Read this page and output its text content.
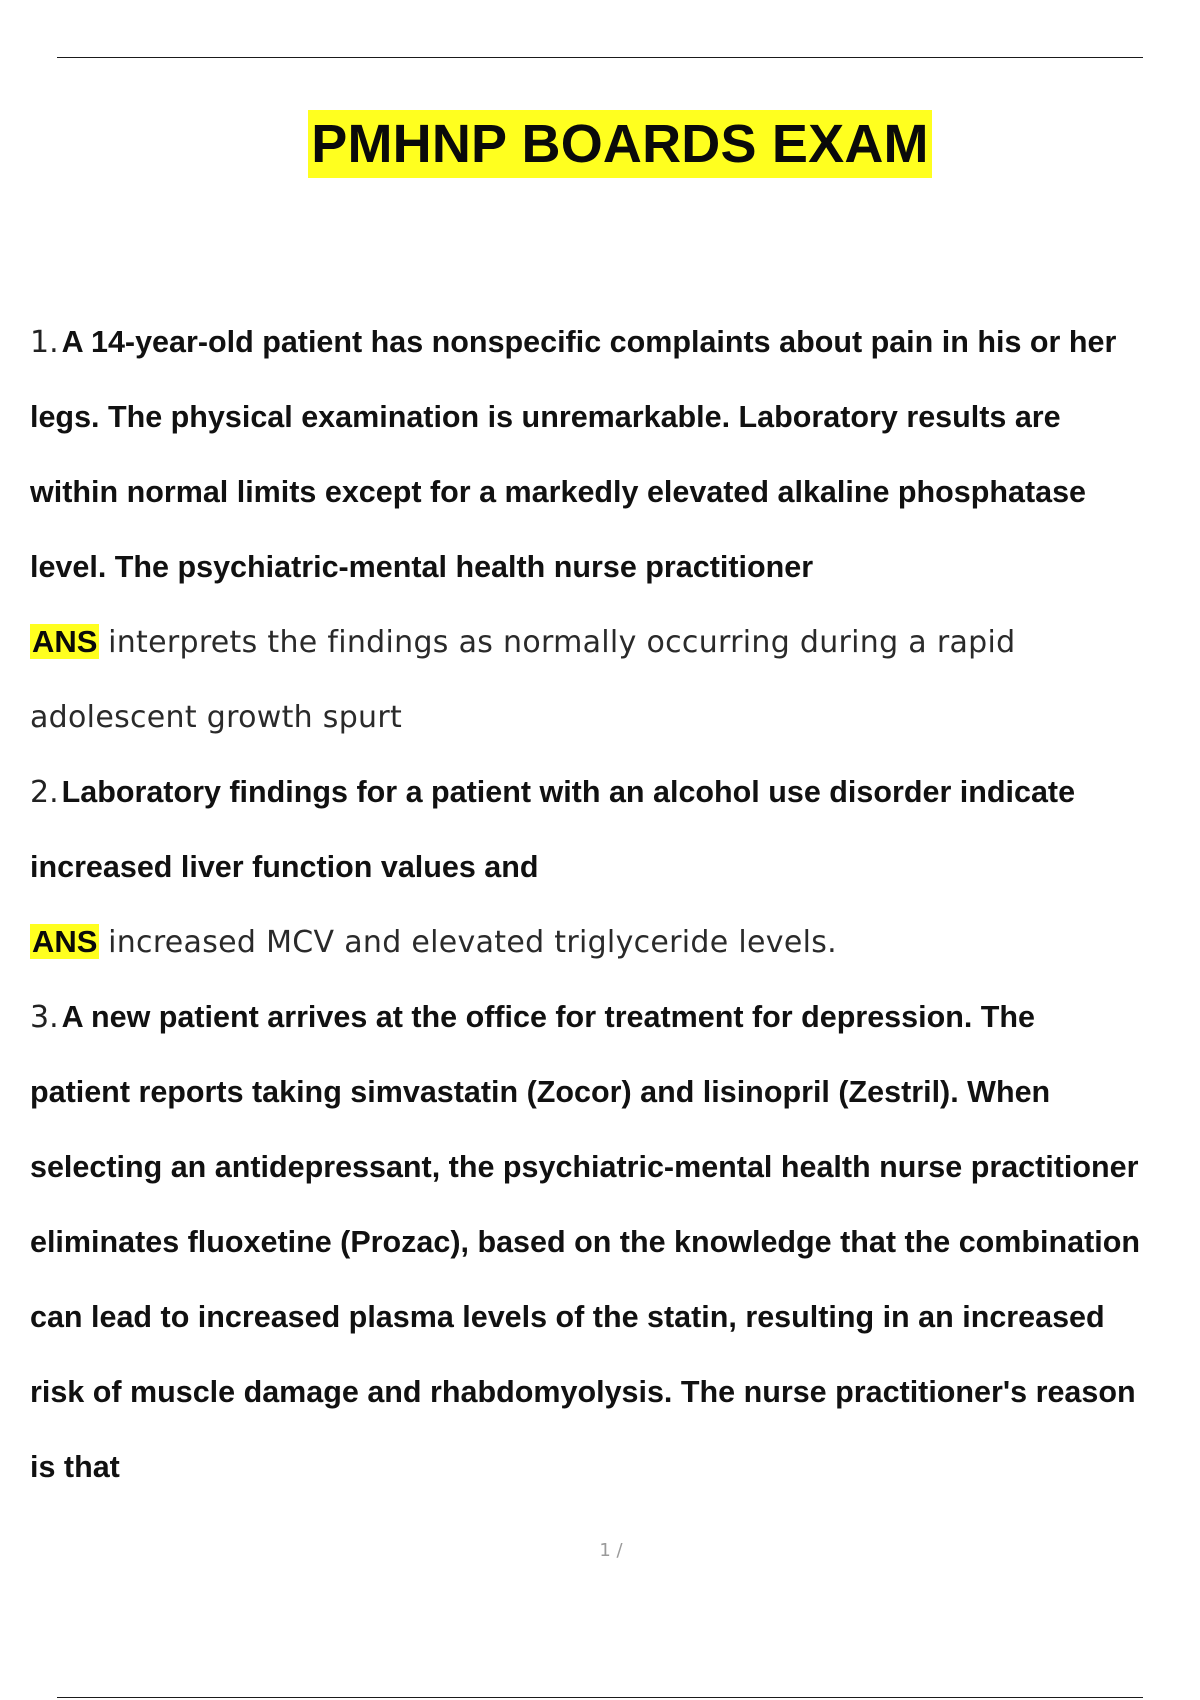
PMHNP BOARDS EXAM
1.A 14-year-old patient has nonspecific complaints about pain in his or her
legs. The physical examination is unremarkable. Laboratory results are
within normal limits except for a markedly elevated alkaline phosphatase
level. The psychiatric-mental health nurse practitioner
ANS interprets the findings as normally occurring during a rapid
adolescent growth spurt
2.Laboratory findings for a patient with an alcohol use disorder indicate
increased liver function values and
ANS increased MCV and elevated triglyceride levels.
3.A new patient arrives at the office for treatment for depression. The
patient reports taking simvastatin (Zocor) and lisinopril (Zestril). When
selecting an antidepressant, the psychiatric-mental health nurse practitioner
eliminates fluoxetine (Prozac), based on the knowledge that the combination
can lead to increased plasma levels of the statin, resulting in an increased
risk of muscle damage and rhabdomyolysis. The nurse practitioner's reason
is that
1 /
